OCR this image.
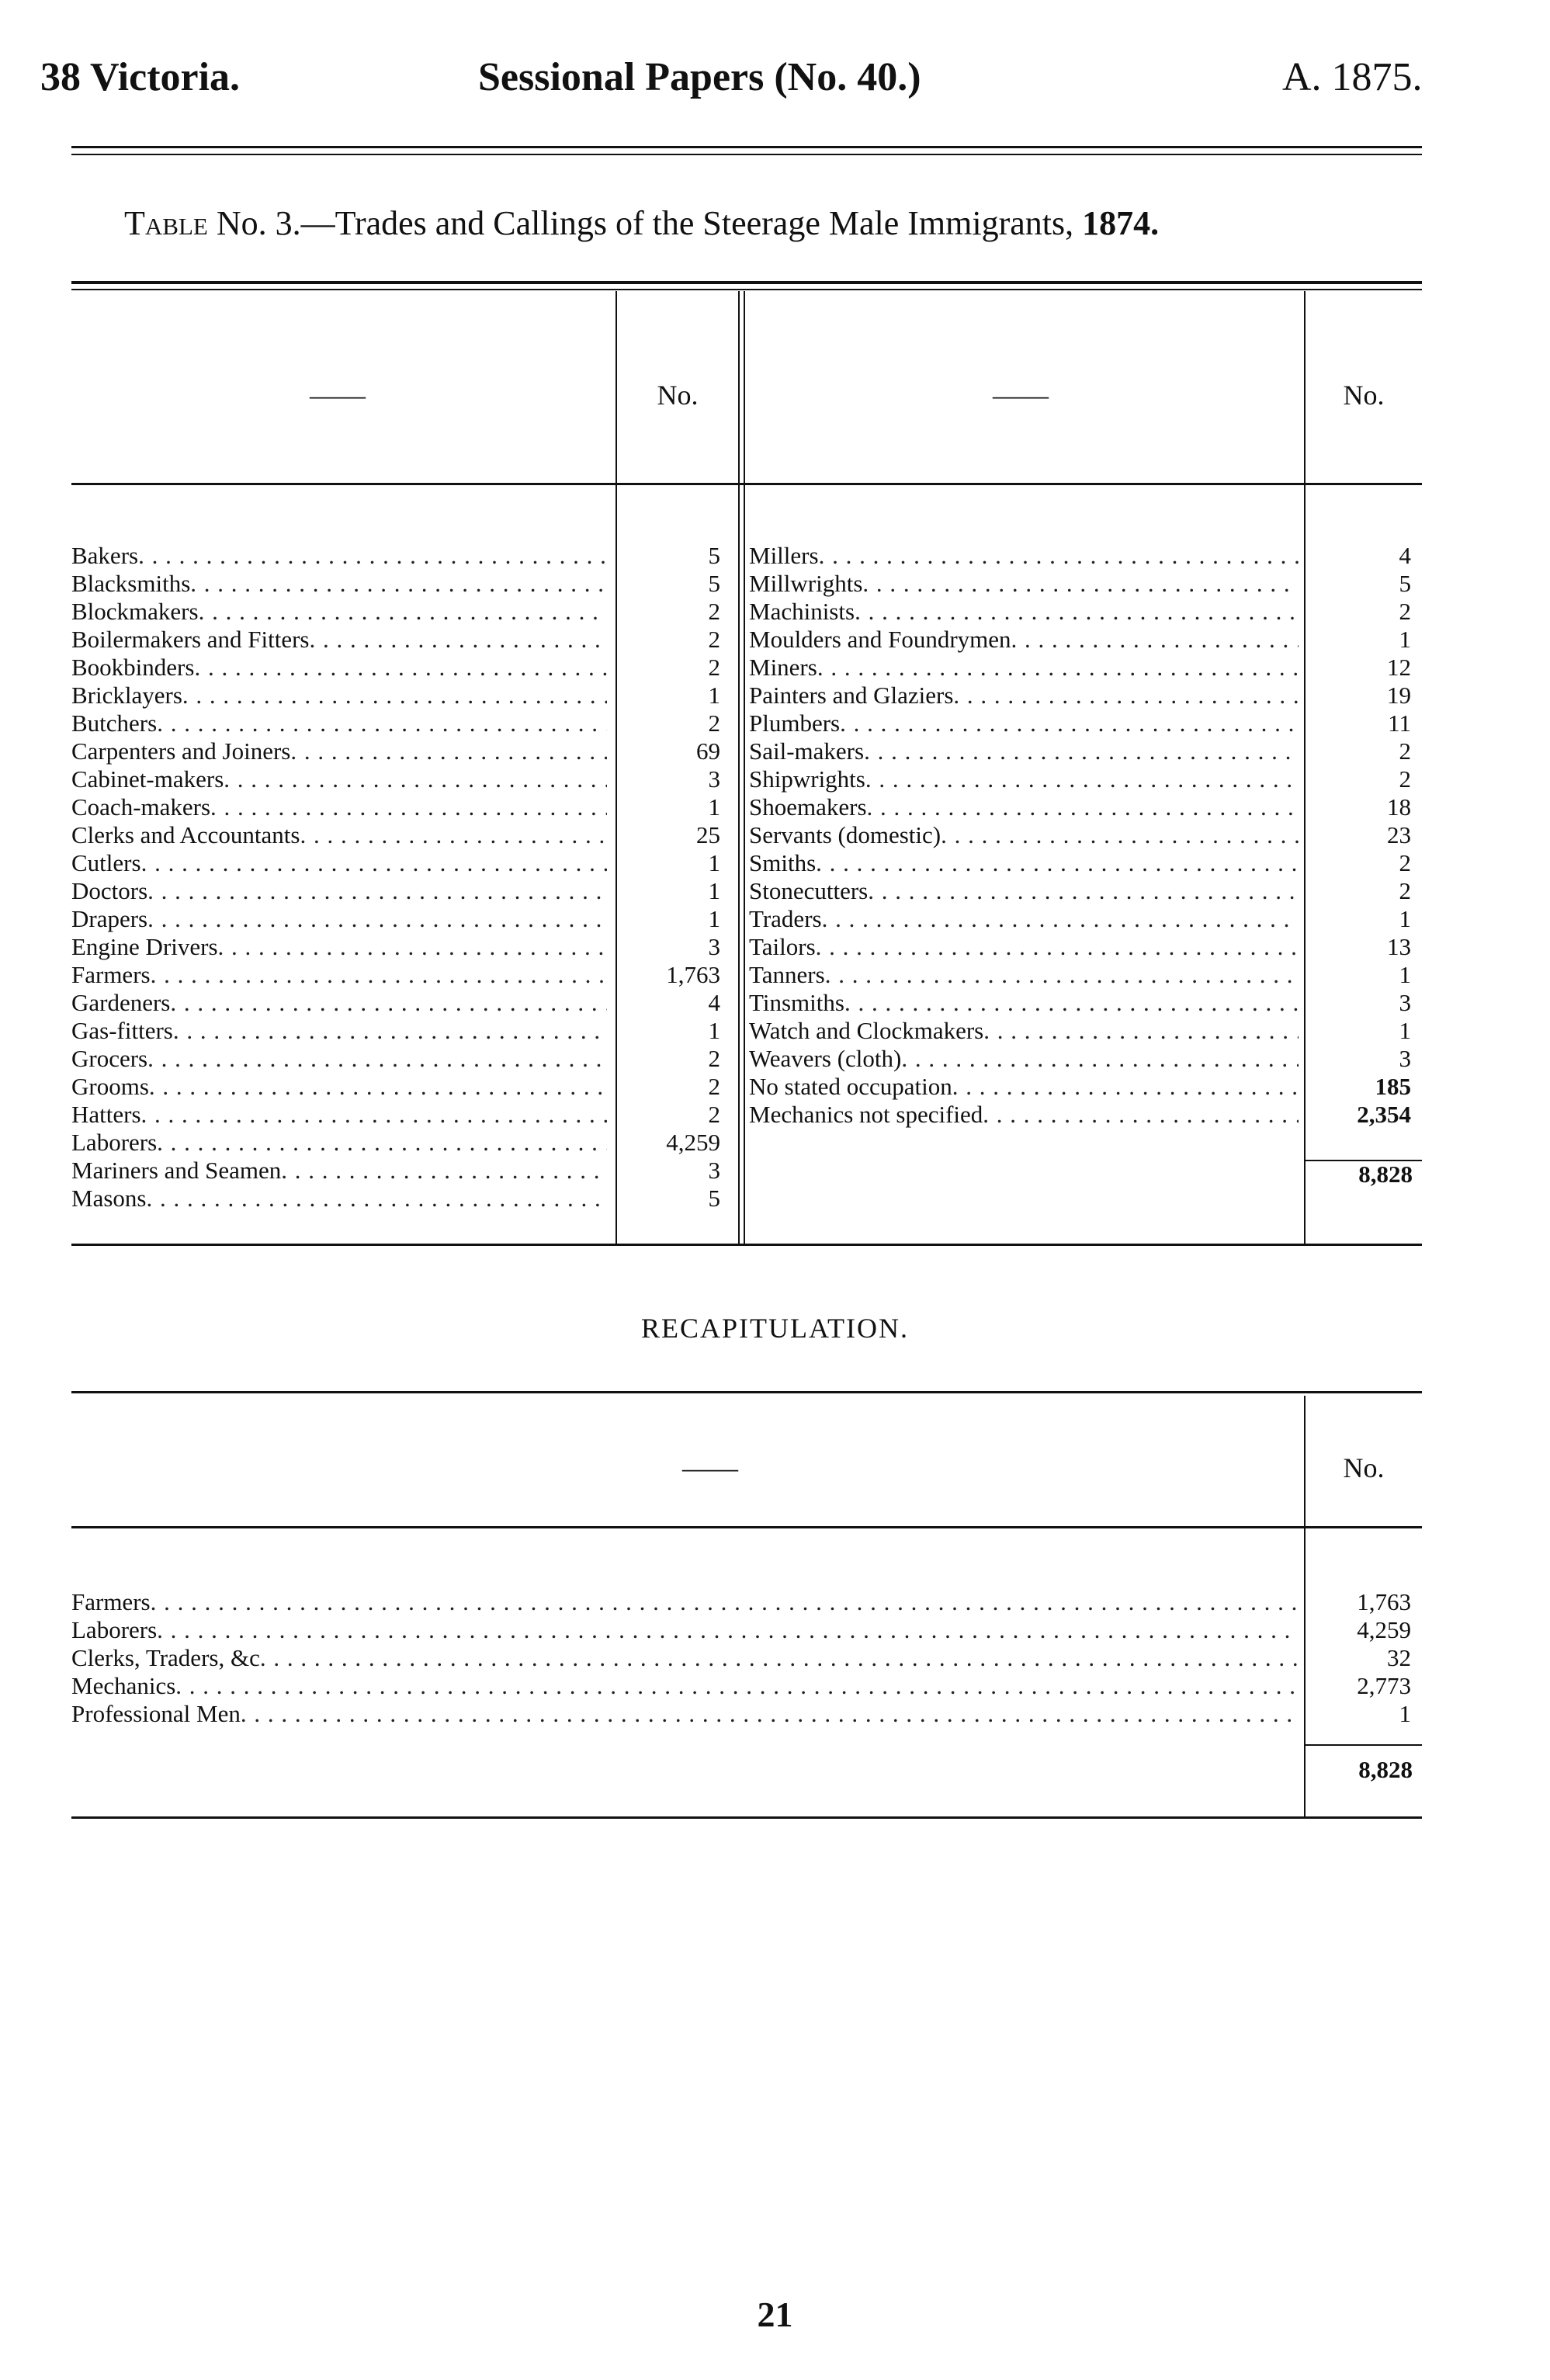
38 Victoria.	Sessional Papers (No. 40.)	A. 1875.
Table No. 3.—Trades and Callings of the Steerage Male Immigrants, 1874.
——	No.	——	No.
Bakers . . .	5
Blacksmiths . . .	5
Blockmakers . . .	2
Boilermakers and Fitters . . .	2
Bookbinders . . .	2
Bricklayers . . .	1
Butchers . . .	2
Carpenters and Joiners . . .	69
Cabinet-makers . . .	3
Coach-makers . . .	1
Clerks and Accountants . . .	25
Cutlers . . .	1
Doctors . . .	1
Drapers . . .	1
Engine Drivers . . .	3
Farmers . . .	1,763
Gardeners . . .	4
Gas-fitters . . .	1
Grocers . . .	2
Grooms . . .	2
Hatters . . .	2
Laborers . . .	4,259
Mariners and Seamen . . .	3
Masons . . .	5
Millers . . .	4
Millwrights . . .	5
Machinists . . .	2
Moulders and Foundrymen . . .	1
Miners . . .	12
Painters and Glaziers . . .	19
Plumbers . . .	11
Sail-makers . . .	2
Shipwrights . . .	2
Shoemakers . . .	18
Servants (domestic) . . .	23
Smiths . . .	2
Stonecutters . . .	2
Traders . . .	1
Tailors . . .	13
Tanners . . .	1
Tinsmiths . . .	3
Watch and Clockmakers . . .	1
Weavers (cloth) . . .	3
No stated occupation . . .	185
Mechanics not specified . . .	2,354
8,828
RECAPITULATION.
——	No.
Farmers . . .	1,763
Laborers . . .	4,259
Clerks, Traders, &c . . .	32
Mechanics . . .	2,773
Professional Men . . .	1
8,828
21
